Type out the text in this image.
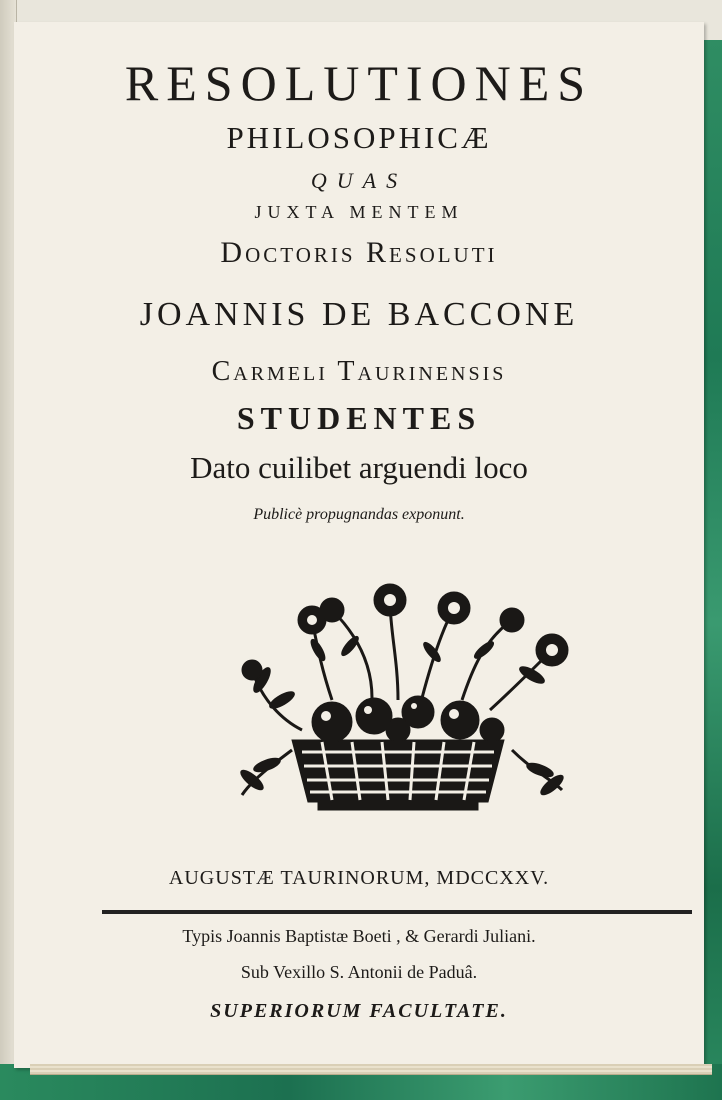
RESOLUTIONES
PHILOSOPHICÆ
QUAS
JUXTA MENTEM
Doctoris Resoluti
JOANNIS DE BACCONE
Carmeli Taurinensis
STUDENTES
Dato cuilibet arguendi loco
Publicè propugnandas exponunt.
AUGUSTÆ TAURINORUM, MDCCXXV.
Typis Joannis Baptistæ Boeti , & Gerardi Juliani.
Sub Vexillo S. Antonii de Paduâ.
SUPERIORUM FACULTATE.
